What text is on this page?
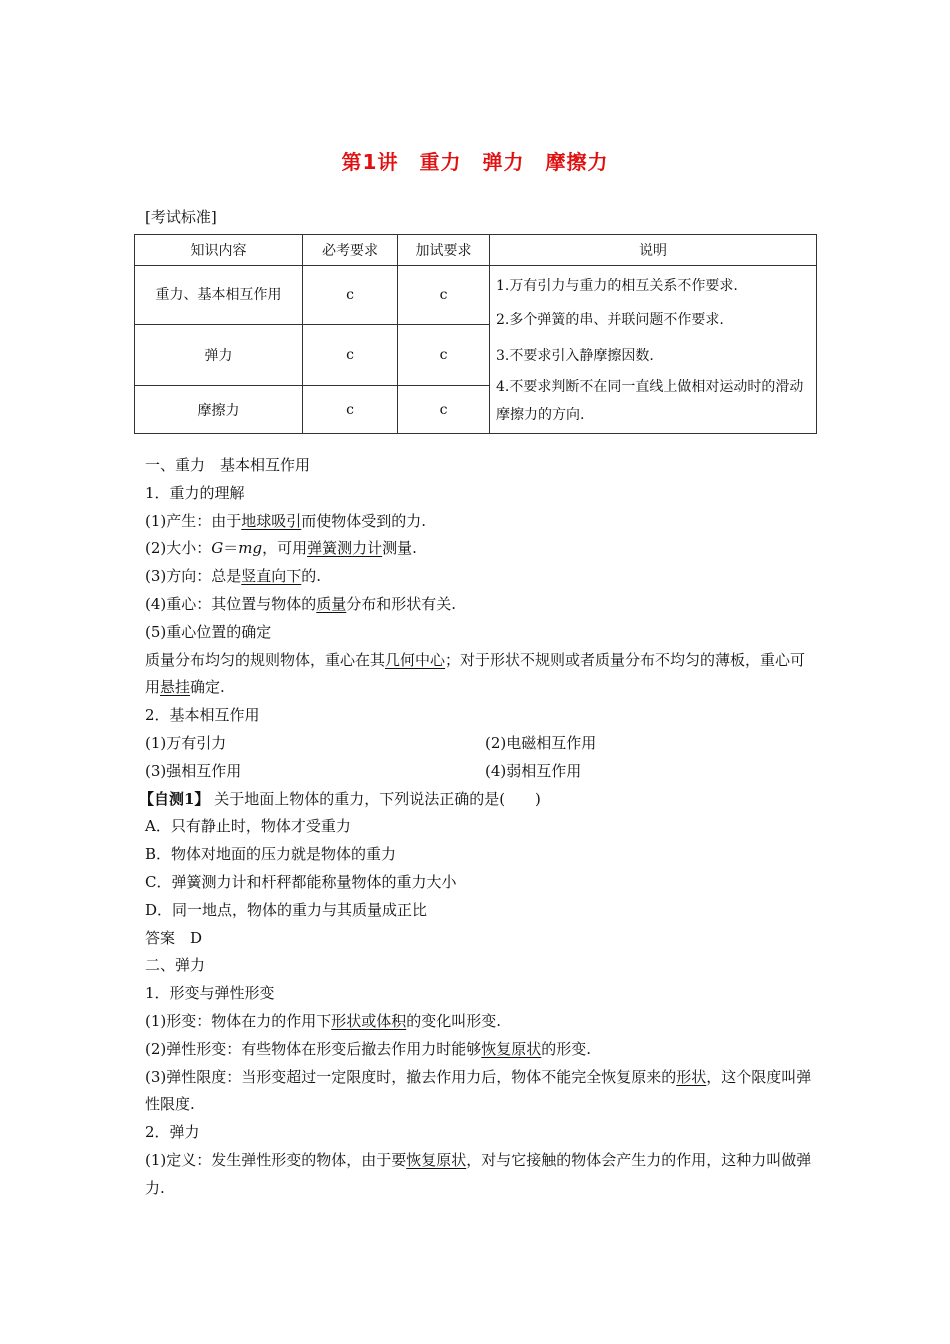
第1讲　重力　弹力　摩擦力
[考试标准]
知识内容	必考要求	加试要求	说明
重力、基本相互作用	c	c	1.万有引力与重力的相互关系不作要求.
2.多个弹簧的串、并联问题不作要求.
3.不要求引入静摩擦因数.
4.不要求判断不在同一直线上做相对运动时的滑动摩擦力的方向.

弹力	c	c	
摩擦力	c	c	
一、重力　基本相互作用
1．重力的理解
(1)产生：由于地球吸引而使物体受到的力.
(2)大小：G＝mg，可用弹簧测力计测量.
(3)方向：总是竖直向下的.
(4)重心：其位置与物体的质量分布和形状有关.
(5)重心位置的确定
质量分布均匀的规则物体，重心在其几何中心；对于形状不规则或者质量分布不均匀的薄板，重心可用悬挂确定.
2．基本相互作用
(1)万有引力	(2)电磁相互作用
(3)强相互作用	(4)弱相互作用
【自测1】 关于地面上物体的重力，下列说法正确的是(　　)
A．只有静止时，物体才受重力
B．物体对地面的压力就是物体的重力
C．弹簧测力计和杆秤都能称量物体的重力大小
D．同一地点，物体的重力与其质量成正比
答案　D
二、弹力
1．形变与弹性形变
(1)形变：物体在力的作用下形状或体积的变化叫形变.
(2)弹性形变：有些物体在形变后撤去作用力时能够恢复原状的形变.
(3)弹性限度：当形变超过一定限度时，撤去作用力后，物体不能完全恢复原来的形状，这个限度叫弹性限度.
2．弹力
(1)定义：发生弹性形变的物体，由于要恢复原状，对与它接触的物体会产生力的作用，这种力叫做弹力.
